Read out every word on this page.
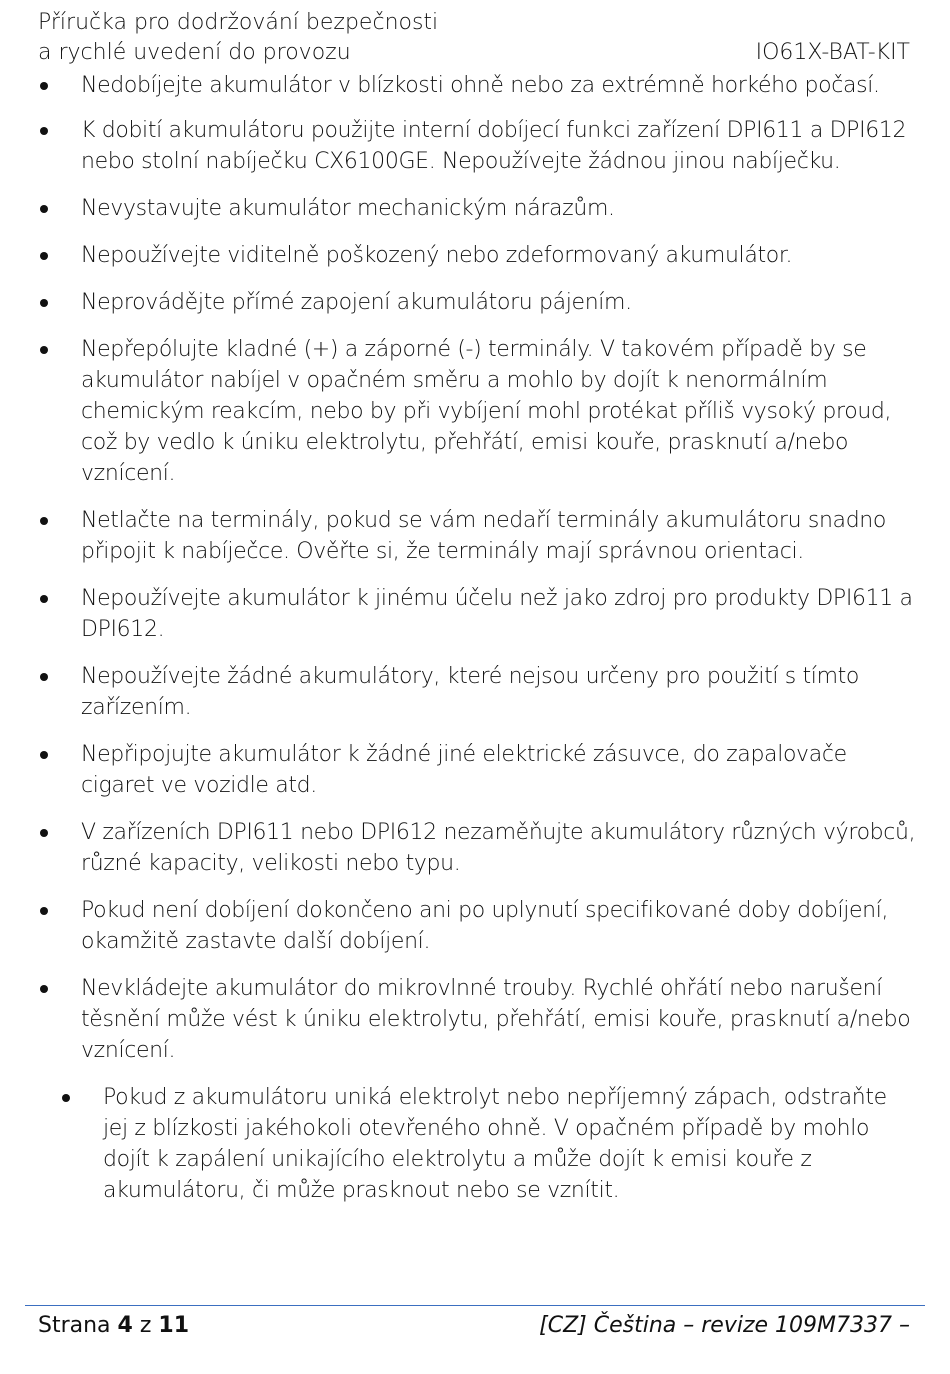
Příručka pro dodržování bezpečnosti
a rychlé uvedení do provozu	IO61X-BAT-KIT
Nedobíjejte akumulátor v blízkosti ohně nebo za extrémně horkého počasí.
K dobití akumulátoru použijte interní dobíjecí funkci zařízení DPI611 a DPI612 nebo stolní nabíječku CX6100GE. Nepoužívejte žádnou jinou nabíječku.
Nevystavujte akumulátor mechanickým nárazům.
Nepoužívejte viditelně poškozený nebo zdeformovaný akumulátor.
Neprovádějte přímé zapojení akumulátoru pájením.
Nepřepólujte kladné (+) a záporné (-) terminály. V takovém případě by se akumulátor nabíjel v opačném směru a mohlo by dojít k nenormálním chemickým reakcím, nebo by při vybíjení mohl protékat příliš vysoký proud, což by vedlo k úniku elektrolytu, přehřátí, emisi kouře, prasknutí a/nebo vznícení.
Netlačte na terminály, pokud se vám nedaří terminály akumulátoru snadno připojit k nabíječce. Ověřte si, že terminály mají správnou orientaci.
Nepoužívejte akumulátor k jinému účelu než jako zdroj pro produkty DPI611 a DPI612.
Nepoužívejte žádné akumulátory, které nejsou určeny pro použití s tímto zařízením.
Nepřipojujte akumulátor k žádné jiné elektrické zásuvce, do zapalovače cigaret ve vozidle atd.
V zařízeních DPI611 nebo DPI612 nezaměňujte akumulátory různých výrobců, různé kapacity, velikosti nebo typu.
Pokud není dobíjení dokončeno ani po uplynutí specifikované doby dobíjení, okamžitě zastavte další dobíjení.
Nevkládejte akumulátor do mikrovlnné trouby. Rychlé ohřátí nebo narušení těsnění může vést k úniku elektrolytu, přehřátí, emisi kouře, prasknutí a/nebo vznícení.
Pokud z akumulátoru uniká elektrolyt nebo nepříjemný zápach, odstraňte jej z blízkosti jakéhokoli otevřeného ohně. V opačném případě by mohlo dojít k zapálení unikajícího elektrolytu a může dojít k emisi kouře z akumulátoru, či může prasknout nebo se vznítit.
Strana 4 z 11	[CZ] Čeština – revize 109M7337 –
